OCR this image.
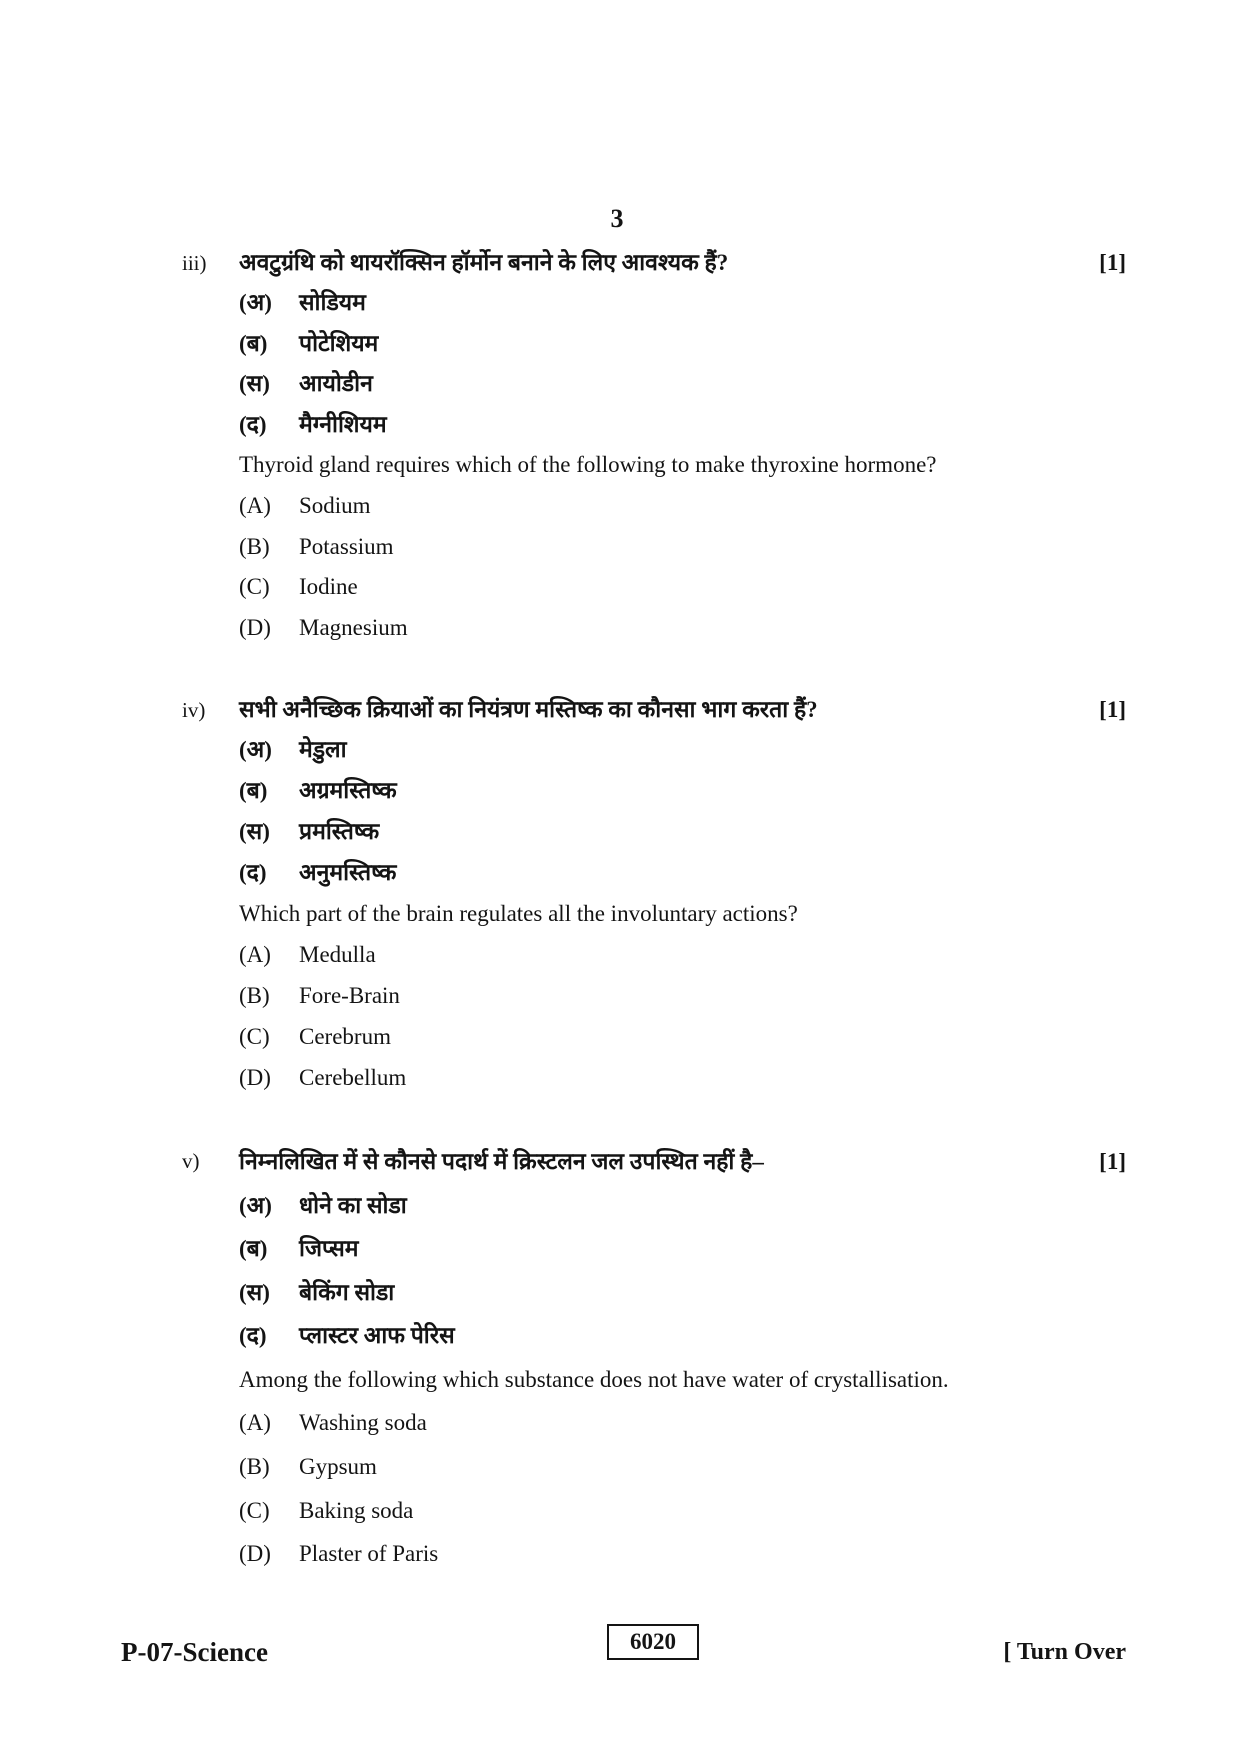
3
iii) अवटुग्रंथि को थायरॉक्सिन हॉर्मोन बनाने के लिए आवश्यक हैं?	[1]
(अ) सोडियम
(ब) पोटेशियम
(स) आयोडीन
(द) मैग्नीशियम
Thyroid gland requires which of the following to make thyroxine hormone?
(A) Sodium
(B) Potassium
(C) Iodine
(D) Magnesium
iv) सभी अनैच्छिक क्रियाओं का नियंत्रण मस्तिष्क का कौनसा भाग करता हैं?	[1]
(अ) मेडुला
(ब) अग्रमस्तिष्क
(स) प्रमस्तिष्क
(द) अनुमस्तिष्क
Which part of the brain regulates all the involuntary actions?
(A) Medulla
(B) Fore-Brain
(C) Cerebrum
(D) Cerebellum
v) निम्नलिखित में से कौनसे पदार्थ में क्रिस्टलन जल उपस्थित नहीं है–	[1]
(अ) धोने का सोडा
(ब) जिप्सम
(स) बेकिंग सोडा
(द) प्लास्टर आफ पेरिस
Among the following which substance does not have water of crystallisation.
(A) Washing soda
(B) Gypsum
(C) Baking soda
(D) Plaster of Paris
P-07-Science	6020	[ Turn Over
